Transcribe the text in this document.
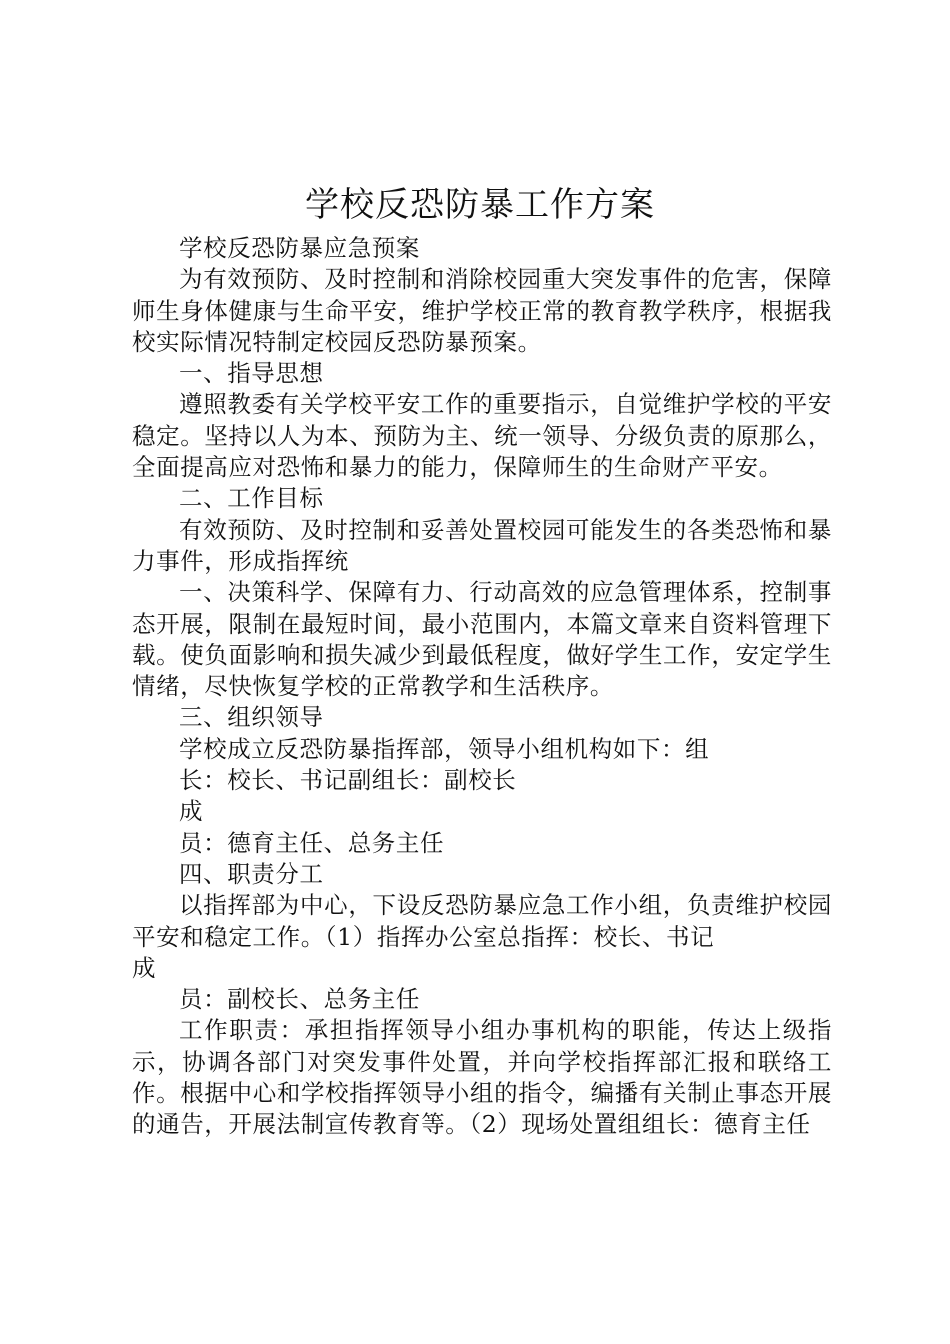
学校反恐防暴工作方案

学校反恐防暴应急预案

为有效预防、及时控制和消除校园重大突发事件的危害，保障师生身体健康与生命平安，维护学校正常的教育教学秩序，根据我校实际情况特制定校园反恐防暴预案。

一、指导思想

遵照教委有关学校平安工作的重要指示，自觉维护学校的平安稳定。坚持以人为本、预防为主、统一领导、分级负责的原那么，全面提高应对恐怖和暴力的能力，保障师生的生命财产平安。

二、工作目标

有效预防、及时控制和妥善处置校园可能发生的各类恐怖和暴力事件，形成指挥统

一、决策科学、保障有力、行动高效的应急管理体系，控制事态开展，限制在最短时间，最小范围内，本篇文章来自资料管理下载。使负面影响和损失减少到最低程度，做好学生工作，安定学生情绪，尽快恢复学校的正常教学和生活秩序。

三、组织领导

学校成立反恐防暴指挥部，领导小组机构如下：组

长：校长、书记副组长：副校长

成

员：德育主任、总务主任

四、职责分工

以指挥部为中心，下设反恐防暴应急工作小组，负责维护校园平安和稳定工作。（1）指挥办公室总指挥：校长、书记

成

员：副校长、总务主任

工作职责：承担指挥领导小组办事机构的职能，传达上级指示，协调各部门对突发事件处置，并向学校指挥部汇报和联络工作。根据中心和学校指挥领导小组的指令，编播有关制止事态开展的通告，开展法制宣传教育等。（2）现场处置组组长：德育主任
